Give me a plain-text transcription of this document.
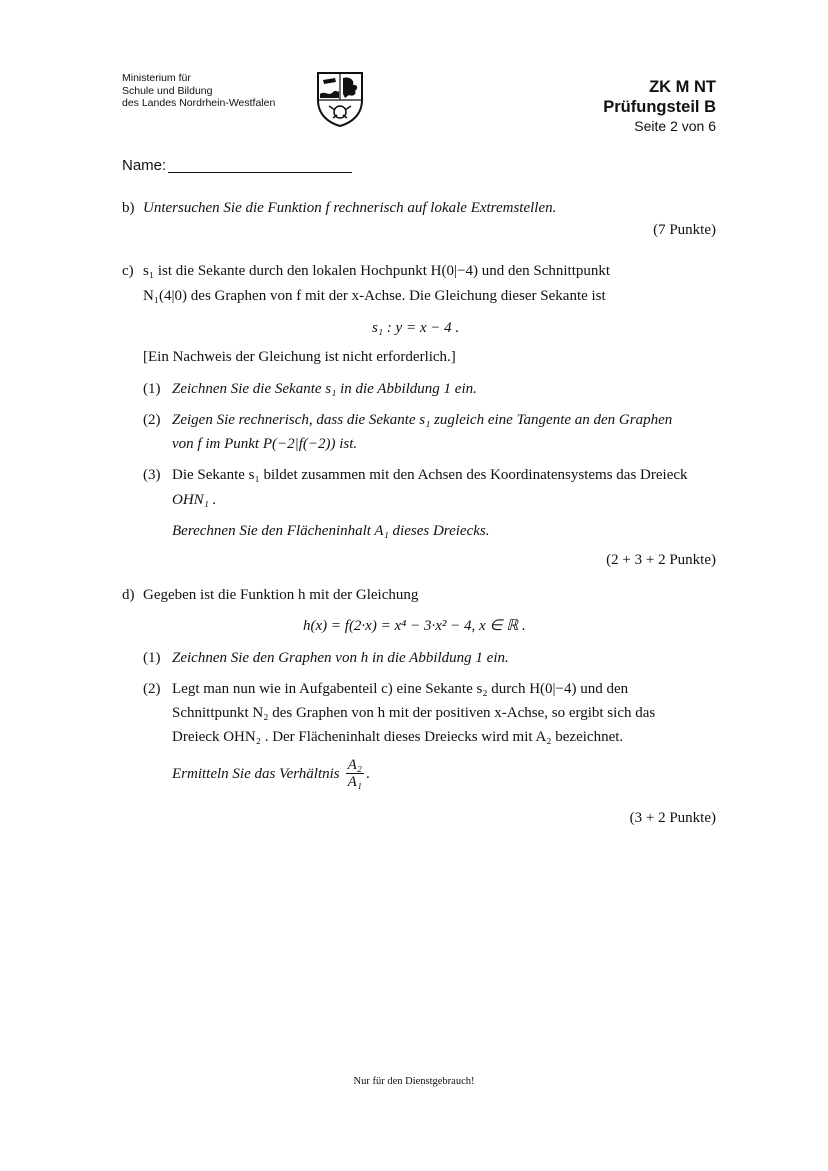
Ministerium für
Schule und Bildung
des Landes Nordrhein-Westfalen
ZK M NT
Prüfungsteil B
Seite 2 von 6
Name:
b) Untersuchen Sie die Funktion f rechnerisch auf lokale Extremstellen.
(7 Punkte)
c) s₁ ist die Sekante durch den lokalen Hochpunkt H(0|−4) und den Schnittpunkt
N₁(4|0) des Graphen von f mit der x-Achse. Die Gleichung dieser Sekante ist
s₁ : y = x − 4 .
[Ein Nachweis der Gleichung ist nicht erforderlich.]
(1) Zeichnen Sie die Sekante s₁ in die Abbildung 1 ein.
(2) Zeigen Sie rechnerisch, dass die Sekante s₁ zugleich eine Tangente an den Graphen
von f im Punkt P(−2|f(−2)) ist.
(3) Die Sekante s₁ bildet zusammen mit den Achsen des Koordinatensystems das Dreieck
OHN₁ .
Berechnen Sie den Flächeninhalt A₁ dieses Dreiecks.
(2 + 3 + 2 Punkte)
d) Gegeben ist die Funktion h mit der Gleichung
h(x) = f(2·x) = x⁴ − 3·x² − 4, x ∈ ℝ .
(1) Zeichnen Sie den Graphen von h in die Abbildung 1 ein.
(2) Legt man nun wie in Aufgabenteil c) eine Sekante s₂ durch H(0|−4) und den
Schnittpunkt N₂ des Graphen von h mit der positiven x-Achse, so ergibt sich das
Dreieck OHN₂ . Der Flächeninhalt dieses Dreiecks wird mit A₂ bezeichnet.
Ermitteln Sie das Verhältnis $\frac{\text{A₂}}{\text{A₁}}$ .
(3 + 2 Punkte)
Nur für den Dienstgebrauch!
